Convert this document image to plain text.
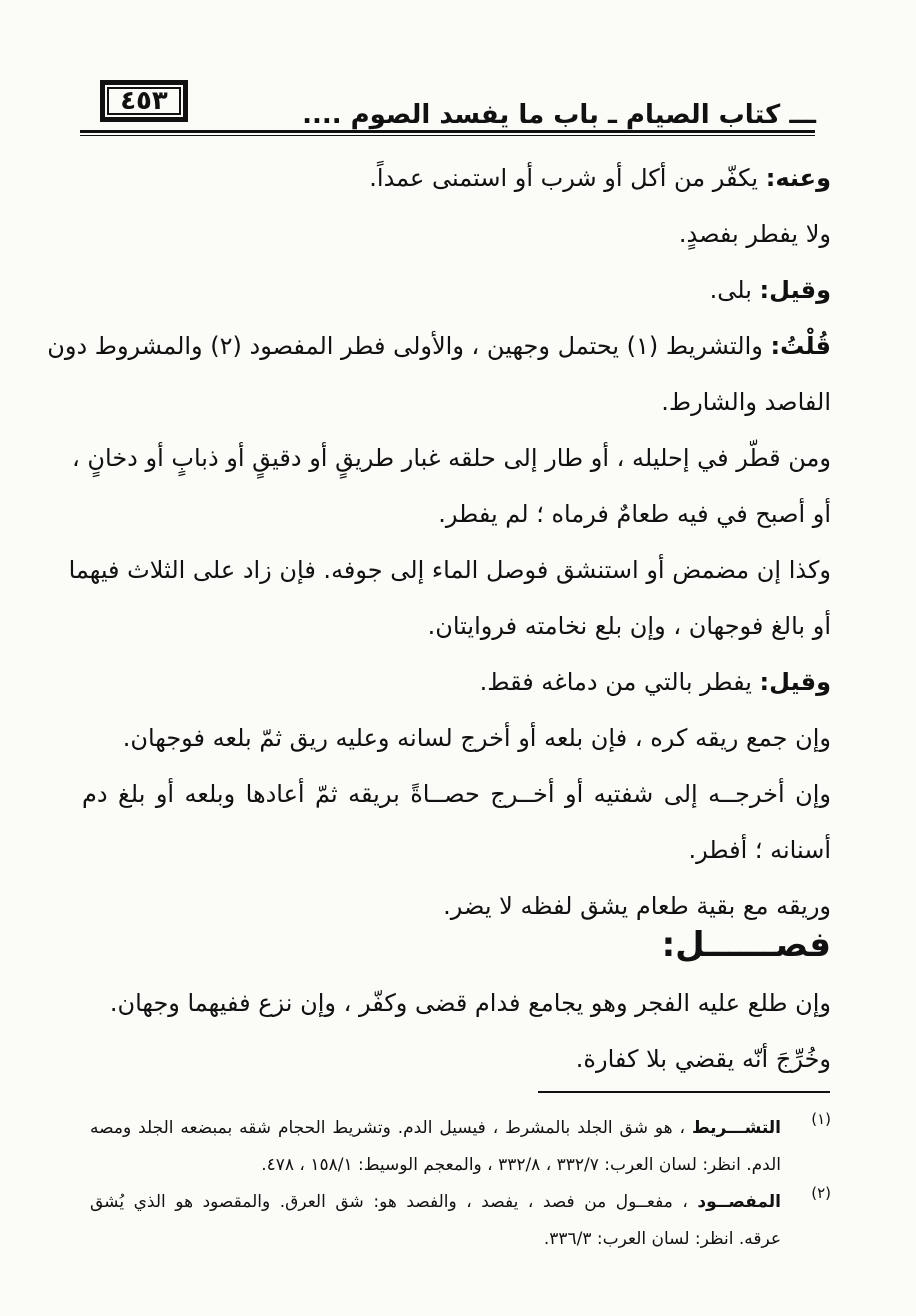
٤٥٣	ـــ كتاب الصيام ـ باب ما يفسد الصوم ....
وعنه: يكفّر من أكل أو شرب أو استمنى عمداً.
ولا يفطر بفصدٍ.
وقيل: بلى.
قُلْتُ: والتشريط (١) يحتمل وجهين ، والأولى فطر المفصود (٢) والمشروط دون
الفاصد والشارط.
ومن قطّر في إحليله ، أو طار إلى حلقه غبار طريقٍ أو دقيقٍ أو ذبابٍ أو دخانٍ ،
أو أصبح في فيه طعامٌ فرماه ؛ لم يفطر.
وكذا إن مضمض أو استنشق فوصل الماء إلى جوفه. فإن زاد على الثلاث فيهما
أو بالغ فوجهان ، وإن بلع نخامته فروايتان.
وقيل: يفطر بالتي من دماغه فقط.
وإن جمع ريقه كره ، فإن بلعه أو أخرج لسانه وعليه ريق ثمّ بلعه فوجهان.
وإن أخرجــه إلى شفتيه أو أخــرج حصــاةً بريقه ثمّ أعادها وبلعه أو بلغ دم
أسنانه ؛ أفطر.
وريقه مع بقية طعام يشق لفظه لا يضر.
فصــــــل:
وإن طلع عليه الفجر وهو يجامع فدام قضى وكفّر ، وإن نزع ففيهما وجهان.
وخُرِّجَ أنّه يقضي بلا كفارة.
(١)
التشـــريط ، هو شق الجلد بالمشرط ، فيسيل الدم. وتشريط الحجام شقه بمبضعه الجلد ومصه
الدم. انظر: لسان العرب: ٣٣٢/٧ ، ٣٣٢/٨ ، والمعجم الوسيط: ١٥٨/١ ، ٤٧٨.
(٢)
المفصــود ، مفعــول من فصد ، يفصد ، والفصد هو: شق العرق. والمقصود هو الذي يُشق
عرقه. انظر: لسان العرب: ٣٣٦/٣.
